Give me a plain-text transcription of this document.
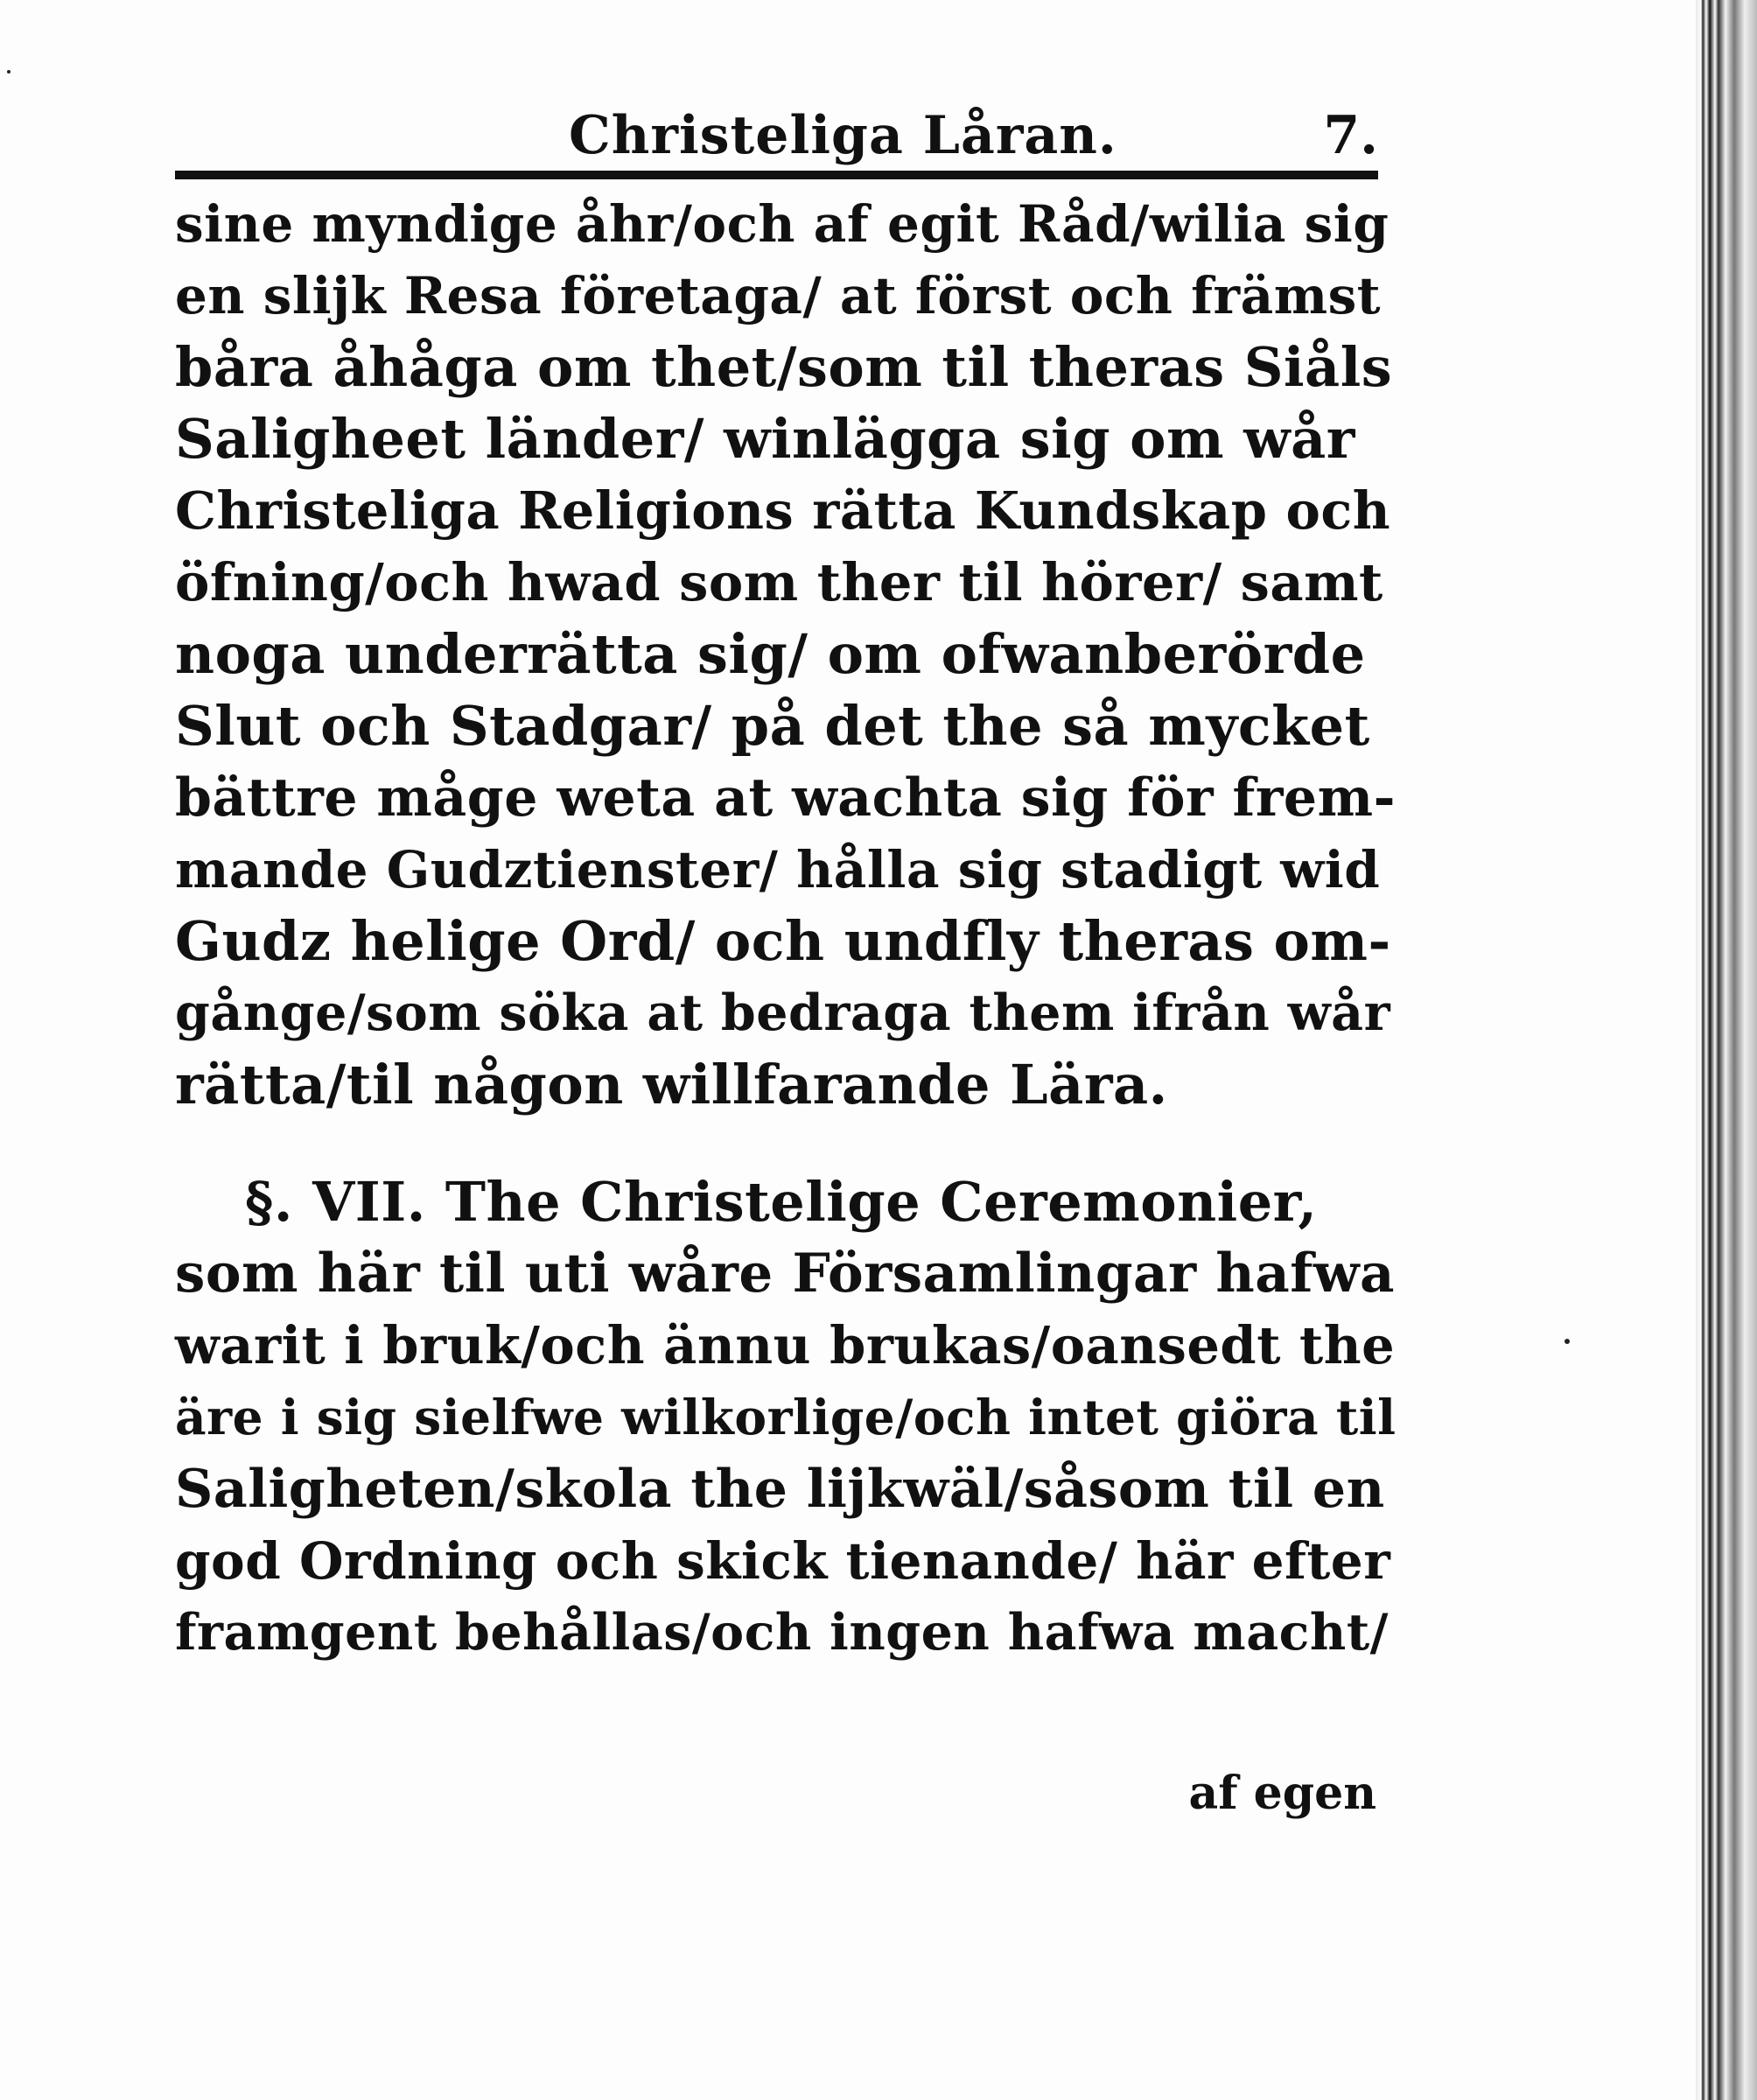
Christeliga Låran.	7.
sine myndige åhr/och af egit Råd/wilia sig
en slijk Resa företaga/ at först och främst
båra åhåga om thet/som til theras Siåls
Saligheet länder/ winlägga sig om wår
Christeliga Religions rätta Kundskap och
öfning/och hwad som ther til hörer/ samt
noga underrätta sig/ om ofwanberörde
Slut och Stadgar/ på det the så mycket
bättre måge weta at wachta sig för frem-
mande Gudztienster/ hålla sig stadigt wid
Gudz helige Ord/ och undfly theras om-
gånge/som söka at bedraga them ifrån wår
rätta/til någon willfarande Lära.
§. VII. The Christelige Ceremonier,
som här til uti wåre Församlingar hafwa
warit i bruk/och ännu brukas/oansedt the
äre i sig sielfwe wilkorlige/och intet giöra til
Saligheten/skola the lijkwäl/såsom til en
god Ordning och skick tienande/ här efter
framgent behållas/och ingen hafwa macht/
af egen
